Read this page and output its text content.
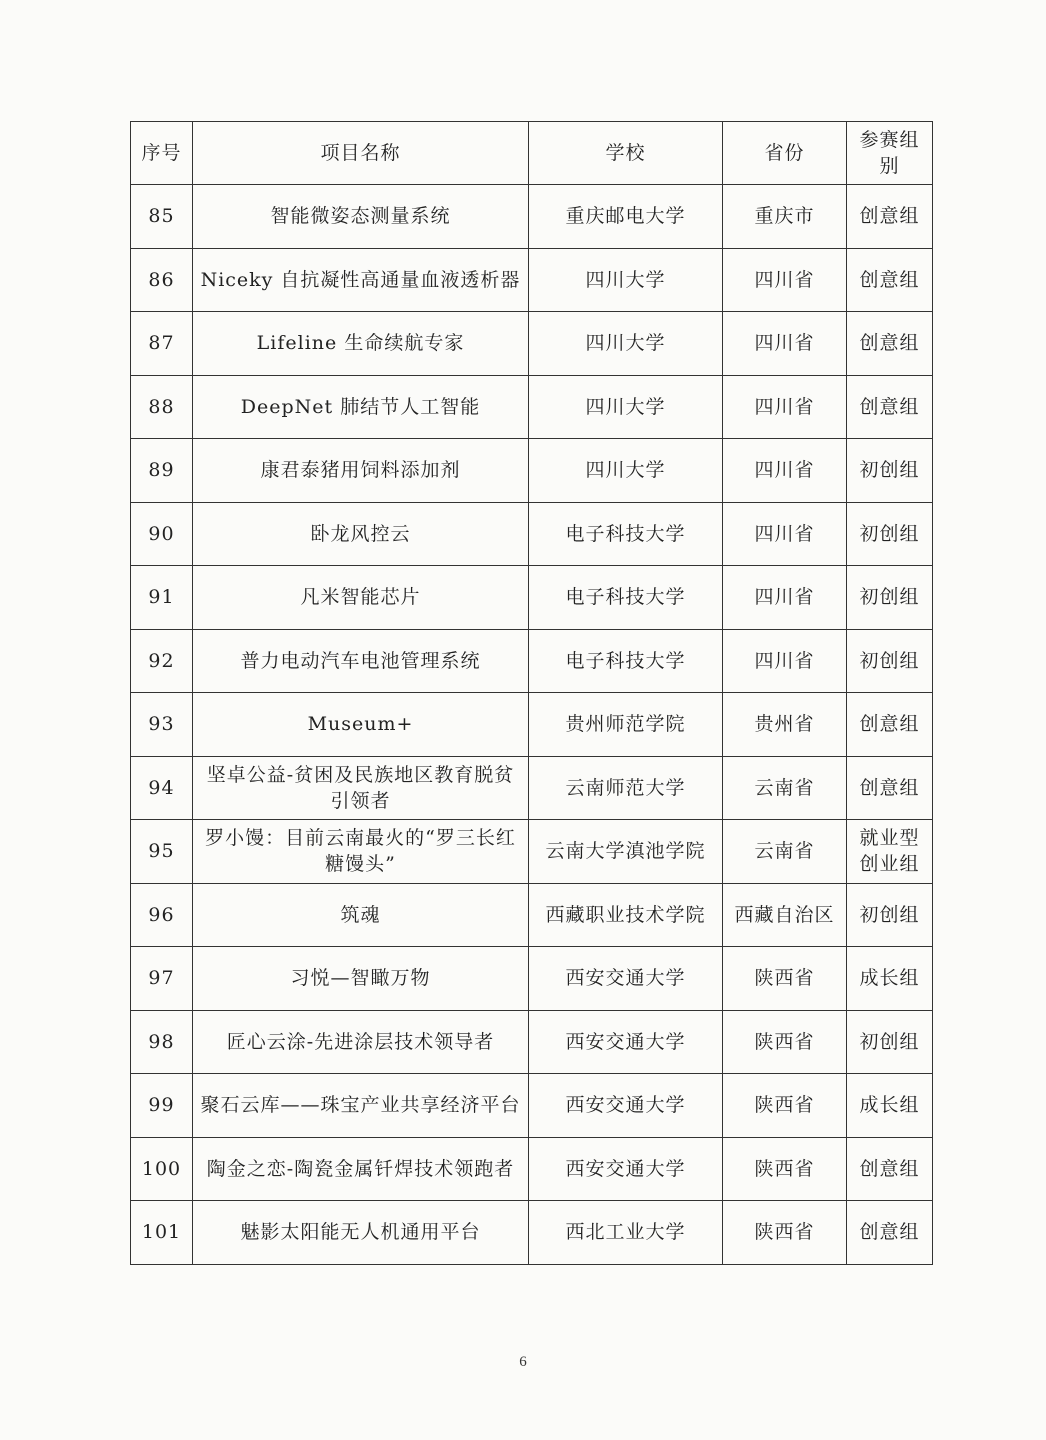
序号	项目名称	学校	省份	参赛组别
85	智能微姿态测量系统	重庆邮电大学	重庆市	创意组
86	Niceky 自抗凝性高通量血液透析器	四川大学	四川省	创意组
87	Lifeline 生命续航专家	四川大学	四川省	创意组
88	DeepNet 肺结节人工智能	四川大学	四川省	创意组
89	康君泰猪用饲料添加剂	四川大学	四川省	初创组
90	卧龙风控云	电子科技大学	四川省	初创组
91	凡米智能芯片	电子科技大学	四川省	初创组
92	普力电动汽车电池管理系统	电子科技大学	四川省	初创组
93	Museum+	贵州师范学院	贵州省	创意组
94	坚卓公益-贫困及民族地区教育脱贫引领者	云南师范大学	云南省	创意组
95	罗小馒：目前云南最火的“罗三长红糖馒头”	云南大学滇池学院	云南省	就业型创业组
96	筑魂	西藏职业技术学院	西藏自治区	初创组
97	习悦—智瞰万物	西安交通大学	陕西省	成长组
98	匠心云涂-先进涂层技术领导者	西安交通大学	陕西省	初创组
99	聚石云库——珠宝产业共享经济平台	西安交通大学	陕西省	成长组
100	陶金之恋-陶瓷金属钎焊技术领跑者	西安交通大学	陕西省	创意组
101	魅影太阳能无人机通用平台	西北工业大学	陕西省	创意组
6
